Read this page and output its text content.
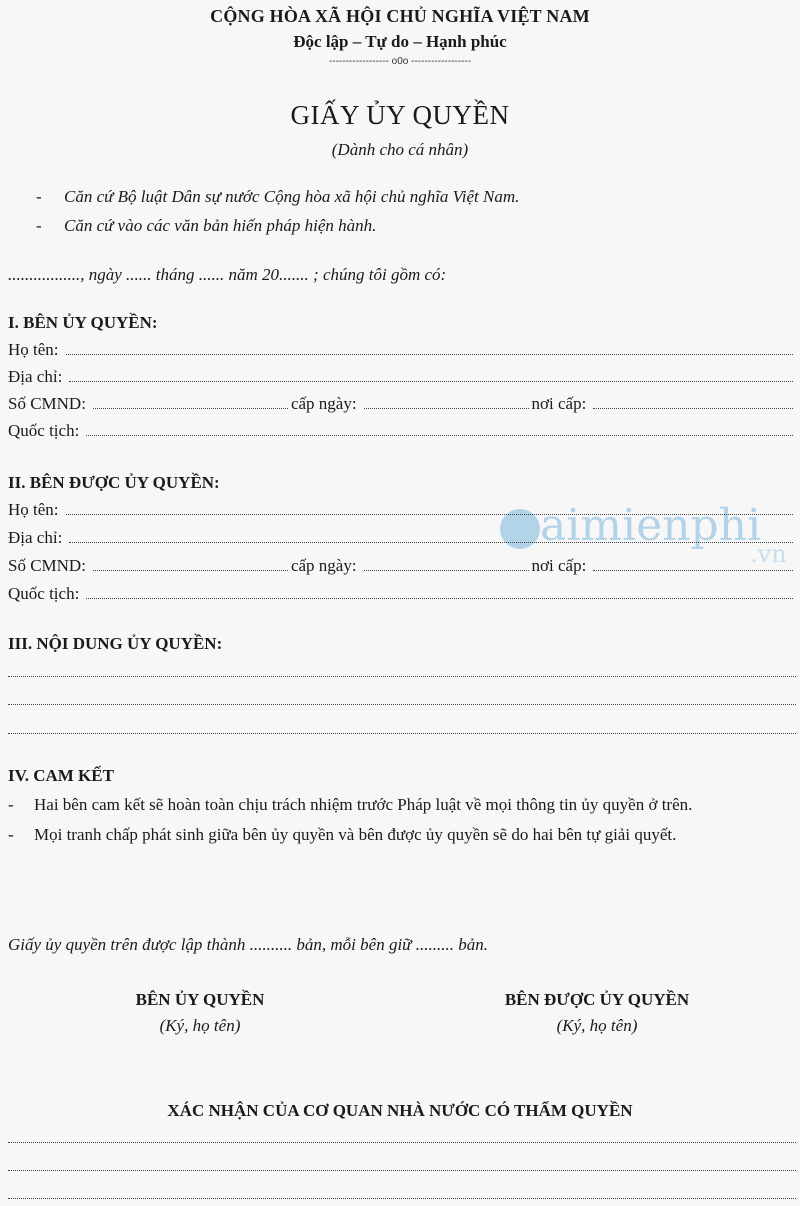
CỘNG HÒA XÃ HỘI CHỦ NGHĨA VIỆT NAM
Độc lập – Tự do – Hạnh phúc
------------------ o0o ------------------
GIẤY ỦY QUYỀN
(Dành cho cá nhân)
- Căn cứ Bộ luật Dân sự nước Cộng hòa xã hội chủ nghĩa Việt Nam.
- Căn cứ vào các văn bản hiến pháp hiện hành.
................., ngày ...... tháng ...... năm 20....... ; chúng tôi gồm có:
I. BÊN ỦY QUYỀN:
Họ tên:
Địa chỉ:
Số CMND:	cấp ngày:	nơi cấp:
Quốc tịch:
aimienphi
.vn
II. BÊN ĐƯỢC ỦY QUYỀN:
Họ tên:
Địa chỉ:
Số CMND:	cấp ngày:	nơi cấp:
Quốc tịch:
III. NỘI DUNG ỦY QUYỀN:
IV. CAM KẾT
-	Hai bên cam kết sẽ hoàn toàn chịu trách nhiệm trước Pháp luật về mọi thông tin ủy quyền ở trên.
-	Mọi tranh chấp phát sinh giữa bên ủy quyền và bên được ủy quyền sẽ do hai bên tự giải quyết.
Giấy ủy quyền trên được lập thành .......... bản, mỗi bên giữ ......... bản.
BÊN ỦY QUYỀN
(Ký, họ tên)
BÊN ĐƯỢC ỦY QUYỀN
(Ký, họ tên)
XÁC NHẬN CỦA CƠ QUAN NHÀ NƯỚC CÓ THẨM QUYỀN
